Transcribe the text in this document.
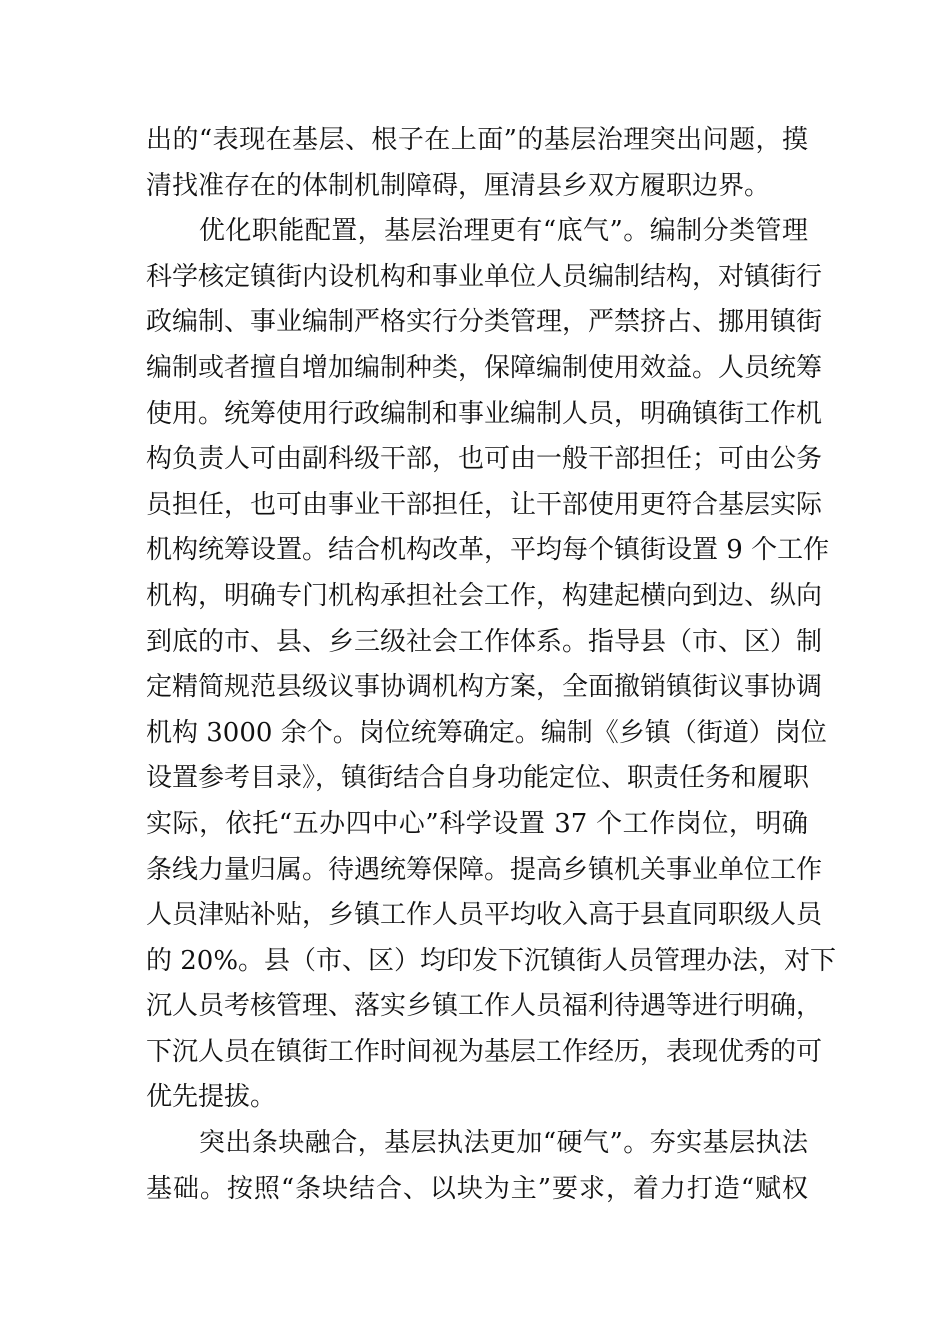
出的“表现在基层、根子在上面”的基层治理突出问题，摸
清找准存在的体制机制障碍，厘清县乡双方履职边界。
　　优化职能配置，基层治理更有“底气”。编制分类管理
科学核定镇街内设机构和事业单位人员编制结构，对镇街行
政编制、事业编制严格实行分类管理，严禁挤占、挪用镇街
编制或者擅自增加编制种类，保障编制使用效益。人员统筹
使用。统筹使用行政编制和事业编制人员，明确镇街工作机
构负责人可由副科级干部，也可由一般干部担任；可由公务
员担任，也可由事业干部担任，让干部使用更符合基层实际
机构统筹设置。结合机构改革，平均每个镇街设置 9 个工作
机构，明确专门机构承担社会工作，构建起横向到边、纵向
到底的市、县、乡三级社会工作体系。指导县（市、区）制
定精简规范县级议事协调机构方案，全面撤销镇街议事协调
机构 3000 余个。岗位统筹确定。编制《乡镇（街道）岗位
设置参考目录》，镇街结合自身功能定位、职责任务和履职
实际，依托“五办四中心”科学设置 37 个工作岗位，明确
条线力量归属。待遇统筹保障。提高乡镇机关事业单位工作
人员津贴补贴，乡镇工作人员平均收入高于县直同职级人员
的 20%。县（市、区）均印发下沉镇街人员管理办法，对下
沉人员考核管理、落实乡镇工作人员福利待遇等进行明确，
下沉人员在镇街工作时间视为基层工作经历，表现优秀的可
优先提拔。
　　突出条块融合，基层执法更加“硬气”。夯实基层执法
基础。按照“条块结合、以块为主”要求，着力打造“赋权
